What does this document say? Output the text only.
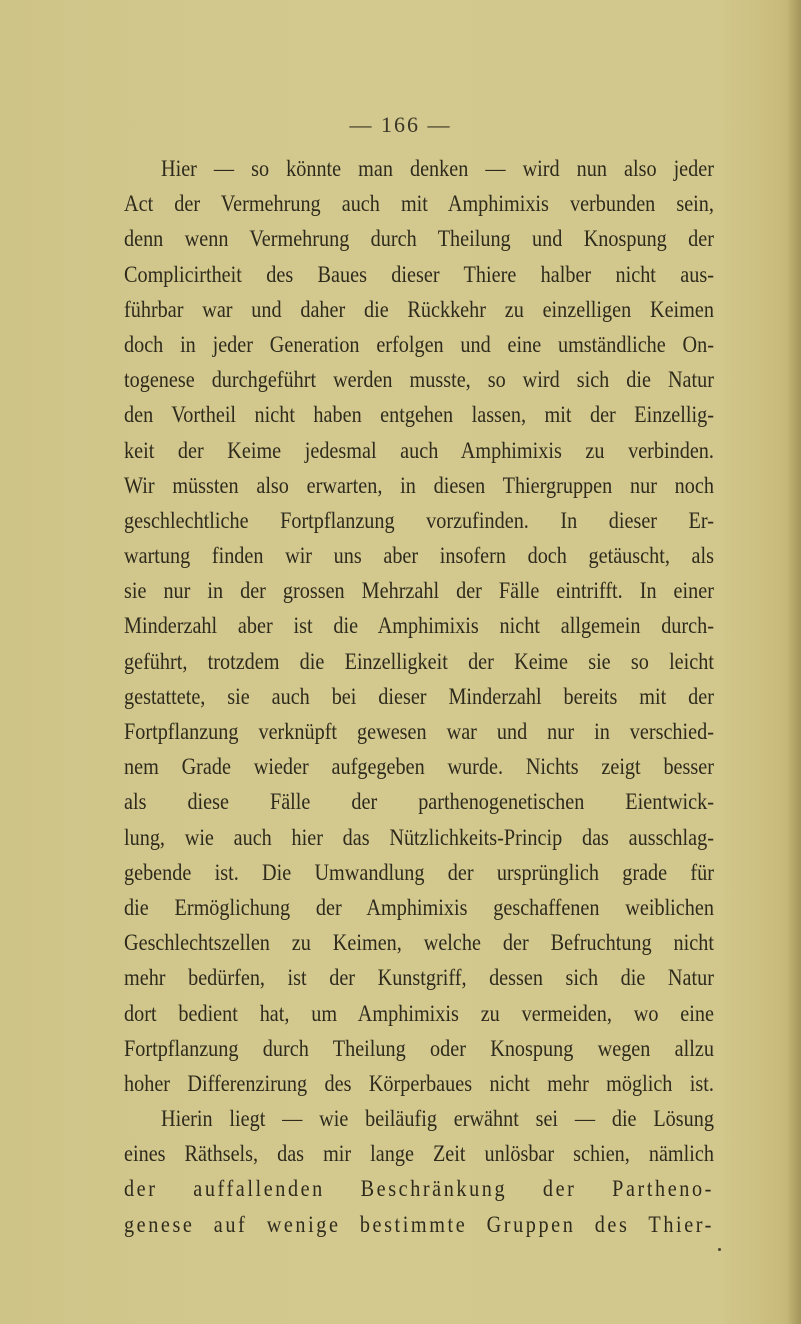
— 166 —
Hier — so könnte man denken — wird nun also jeder
Act der Vermehrung auch mit Amphimixis verbunden sein,
denn wenn Vermehrung durch Theilung und Knospung der
Complicirtheit des Baues dieser Thiere halber nicht aus-
führbar war und daher die Rückkehr zu einzelligen Keimen
doch in jeder Generation erfolgen und eine umständliche On-
togenese durchgeführt werden musste, so wird sich die Natur
den Vortheil nicht haben entgehen lassen, mit der Einzellig-
keit der Keime jedesmal auch Amphimixis zu verbinden.
Wir müssten also erwarten, in diesen Thiergruppen nur noch
geschlechtliche Fortpflanzung vorzufinden. In dieser Er-
wartung finden wir uns aber insofern doch getäuscht, als
sie nur in der grossen Mehrzahl der Fälle eintrifft. In einer
Minderzahl aber ist die Amphimixis nicht allgemein durch-
geführt, trotzdem die Einzelligkeit der Keime sie so leicht
gestattete, sie auch bei dieser Minderzahl bereits mit der
Fortpflanzung verknüpft gewesen war und nur in verschied-
nem Grade wieder aufgegeben wurde. Nichts zeigt besser
als diese Fälle der parthenogenetischen Eientwick-
lung, wie auch hier das Nützlichkeits-Princip das ausschlag-
gebende ist. Die Umwandlung der ursprünglich grade für
die Ermöglichung der Amphimixis geschaffenen weiblichen
Geschlechtszellen zu Keimen, welche der Befruchtung nicht
mehr bedürfen, ist der Kunstgriff, dessen sich die Natur
dort bedient hat, um Amphimixis zu vermeiden, wo eine
Fortpflanzung durch Theilung oder Knospung wegen allzu
hoher Differenzirung des Körperbaues nicht mehr möglich ist.
Hierin liegt — wie beiläufig erwähnt sei — die Lösung
eines Räthsels, das mir lange Zeit unlösbar schien, nämlich
der auffallenden Beschränkung der Partheno-
genese auf wenige bestimmte Gruppen des Thier-
